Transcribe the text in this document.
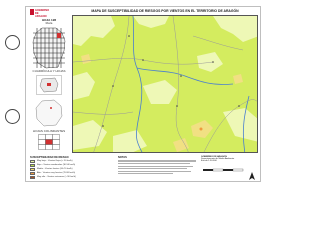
GOBIERNO
DE ARAGON
HOJA 128
Riaza
CUADRÍCULA Y HOJAS
HOJAS COLINDANTES
MAPA DE SUSCEPTIBILIDAD DE RIESGOS POR VIENTOS EN EL TERRITORIO DE ARAGÓN
SUSCEPTIBILIDAD DE RIESGO
Muy baja - Vientos flojos (< 30 km/h)
Baja - Vientos moderados (30-50 km/h)
Media - Vientos fuertes (50-70 km/h)
Alta - Vientos muy fuertes (70-90 km/h)
Muy alta - Vientos extremos (> 90 km/h)
NOTAS	GOBIERNO DE ARAGON
Departamento de Medio Ambiente
Escala 1:50.000
